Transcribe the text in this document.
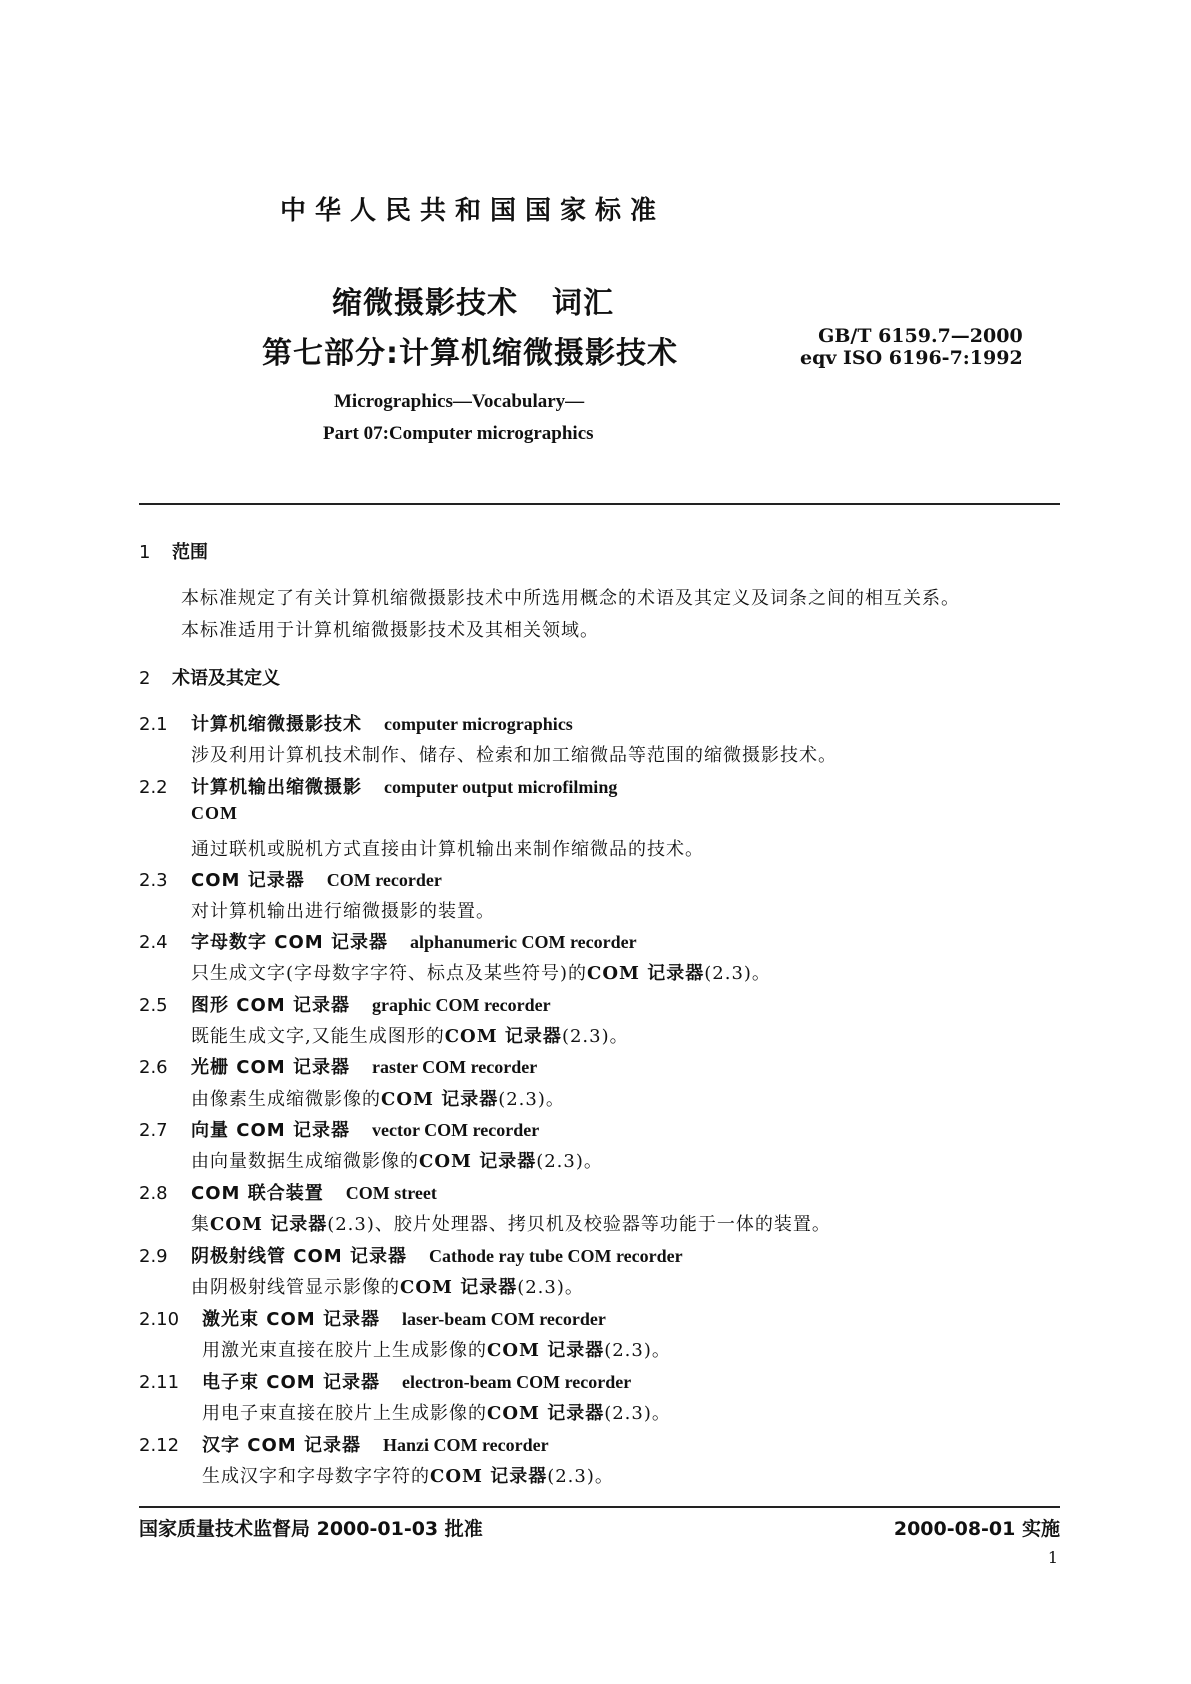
中华人民共和国国家标准
缩微摄影技术 词汇
第七部分:计算机缩微摄影技术	GB/T 6159.7—2000
eqv ISO 6196-7:1992
Micrographics—Vocabulary—
Part 07:Computer micrographics
1 范围
本标准规定了有关计算机缩微摄影技术中所选用概念的术语及其定义及词条之间的相互关系。
本标准适用于计算机缩微摄影技术及其相关领域。
2 术语及其定义
2.1 计算机缩微摄影技术 computer micrographics
涉及利用计算机技术制作、储存、检索和加工缩微品等范围的缩微摄影技术。
2.2 计算机输出缩微摄影 computer output microfilming
COM
通过联机或脱机方式直接由计算机输出来制作缩微品的技术。
2.3 COM 记录器 COM recorder
对计算机输出进行缩微摄影的装置。
2.4 字母数字 COM 记录器 alphanumeric COM recorder
只生成文字(字母数字字符、标点及某些符号)的COM 记录器(2.3)。
2.5 图形 COM 记录器 graphic COM recorder
既能生成文字,又能生成图形的COM 记录器(2.3)。
2.6 光栅 COM 记录器 raster COM recorder
由像素生成缩微影像的COM 记录器(2.3)。
2.7 向量 COM 记录器 vector COM recorder
由向量数据生成缩微影像的COM 记录器(2.3)。
2.8 COM 联合装置 COM street
集COM 记录器(2.3)、胶片处理器、拷贝机及校验器等功能于一体的装置。
2.9 阴极射线管 COM 记录器 Cathode ray tube COM recorder
由阴极射线管显示影像的COM 记录器(2.3)。
2.10 激光束 COM 记录器 laser-beam COM recorder
用激光束直接在胶片上生成影像的COM 记录器(2.3)。
2.11 电子束 COM 记录器 electron-beam COM recorder
用电子束直接在胶片上生成影像的COM 记录器(2.3)。
2.12 汉字 COM 记录器 Hanzi COM recorder
生成汉字和字母数字字符的COM 记录器(2.3)。
国家质量技术监督局 2000-01-03 批准	2000-08-01 实施
1
